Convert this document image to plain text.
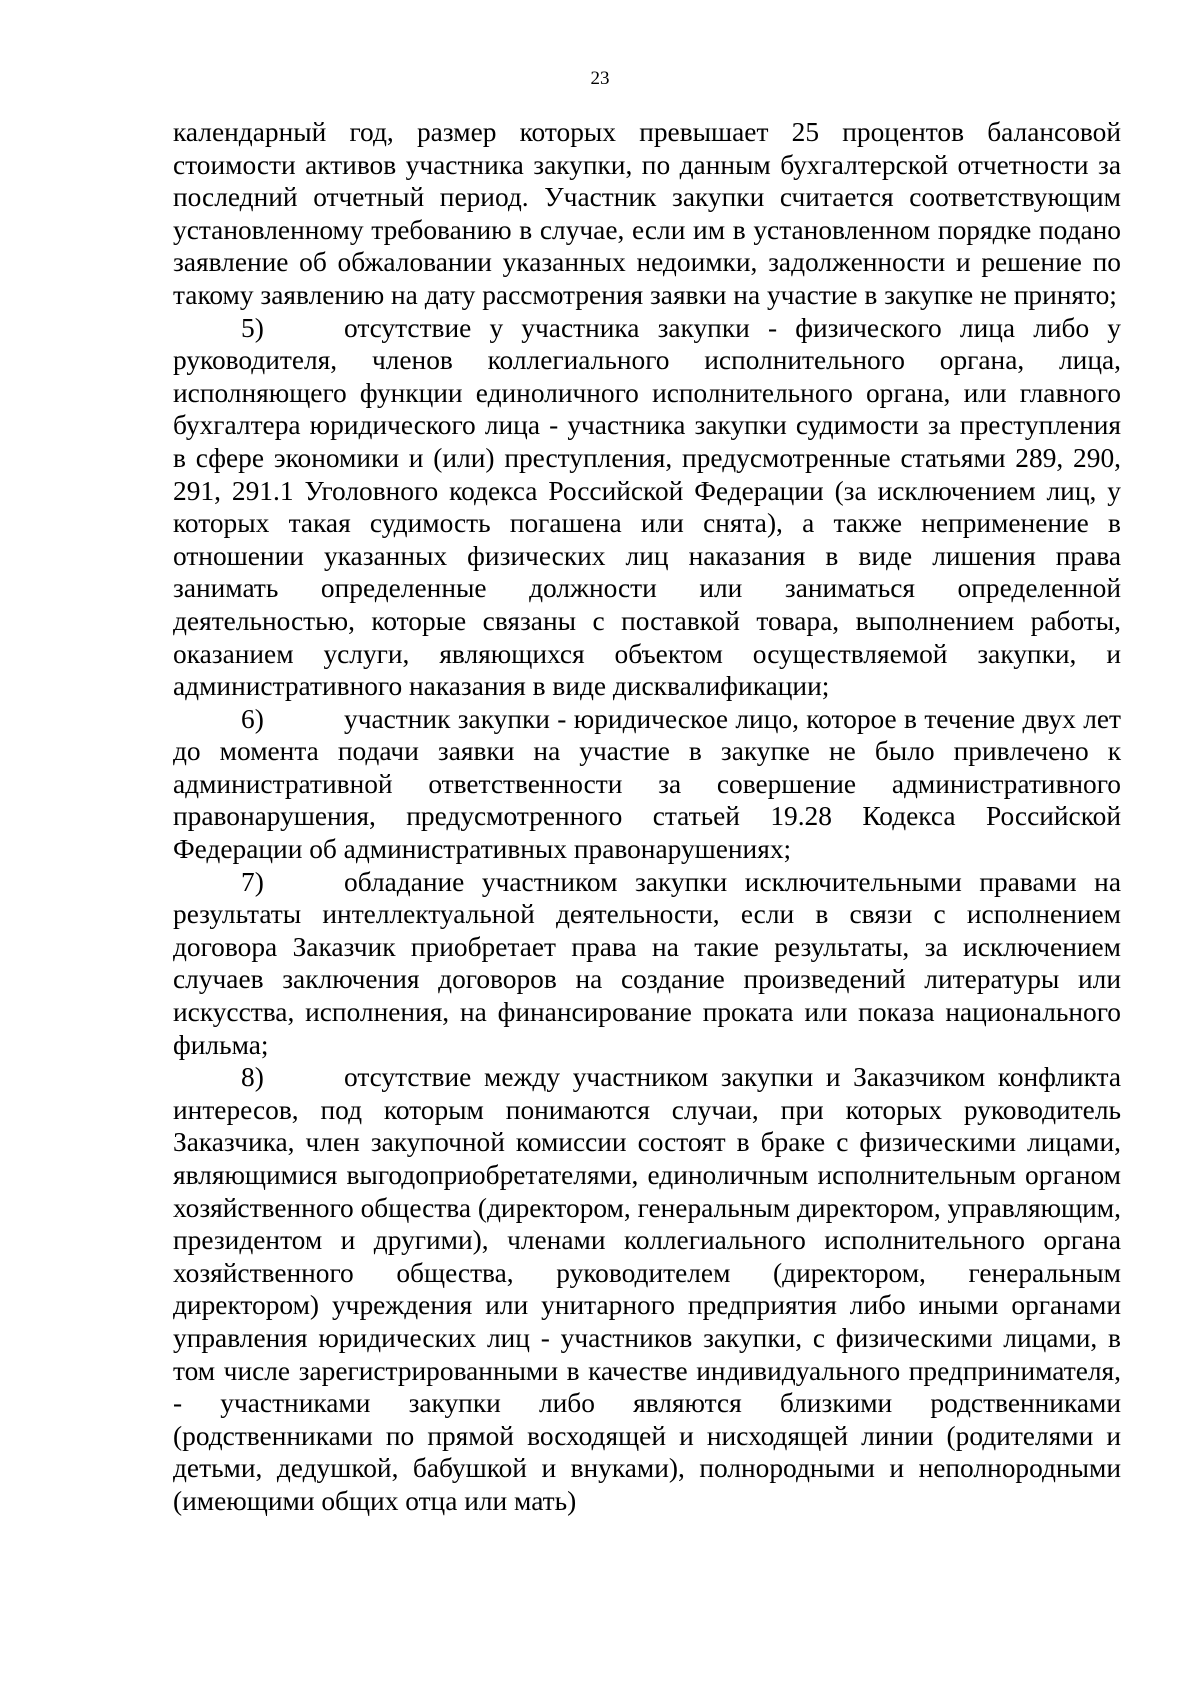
23

календарный год, размер которых превышает 25 процентов балансовой стоимости активов участника закупки, по данным бухгалтерской отчетности за последний отчетный период. Участник закупки считается соответствующим установленному требованию в случае, если им в установленном порядке подано заявление об обжаловании указанных недоимки, задолженности и решение по такому заявлению на дату рассмотрения заявки на участие в закупке не принято;

5)	отсутствие у участника закупки - физического лица либо у руководителя, членов коллегиального исполнительного органа, лица, исполняющего функции единоличного исполнительного органа, или главного бухгалтера юридического лица - участника закупки судимости за преступления в сфере экономики и (или) преступления, предусмотренные статьями 289, 290, 291, 291.1 Уголовного кодекса Российской Федерации (за исключением лиц, у которых такая судимость погашена или снята), а также неприменение в отношении указанных физических лиц наказания в виде лишения права занимать определенные должности или заниматься определенной деятельностью, которые связаны с поставкой товара, выполнением работы, оказанием услуги, являющихся объектом осуществляемой закупки, и административного наказания в виде дисквалификации;

6)	участник закупки - юридическое лицо, которое в течение двух лет до момента подачи заявки на участие в закупке не было привлечено к административной ответственности за совершение административного правонарушения, предусмотренного статьей 19.28 Кодекса Российской Федерации об административных правонарушениях;

7)	обладание участником закупки исключительными правами на результаты интеллектуальной деятельности, если в связи с исполнением договора Заказчик приобретает права на такие результаты, за исключением случаев заключения договоров на создание произведений литературы или искусства, исполнения, на финансирование проката или показа национального фильма;

8)	отсутствие между участником закупки и Заказчиком конфликта интересов, под которым понимаются случаи, при которых руководитель Заказчика, член закупочной комиссии состоят в браке с физическими лицами, являющимися выгодоприобретателями, единоличным исполнительным органом хозяйственного общества (директором, генеральным директором, управляющим, президентом и другими), членами коллегиального исполнительного органа хозяйственного общества, руководителем (директором, генеральным директором) учреждения или унитарного предприятия либо иными органами управления юридических лиц - участников закупки, с физическими лицами, в том числе зарегистрированными в качестве индивидуального предпринимателя, - участниками закупки либо являются близкими родственниками (родственниками по прямой восходящей и нисходящей линии (родителями и детьми, дедушкой, бабушкой и внуками), полнородными и неполнородными (имеющими общих отца или мать)
